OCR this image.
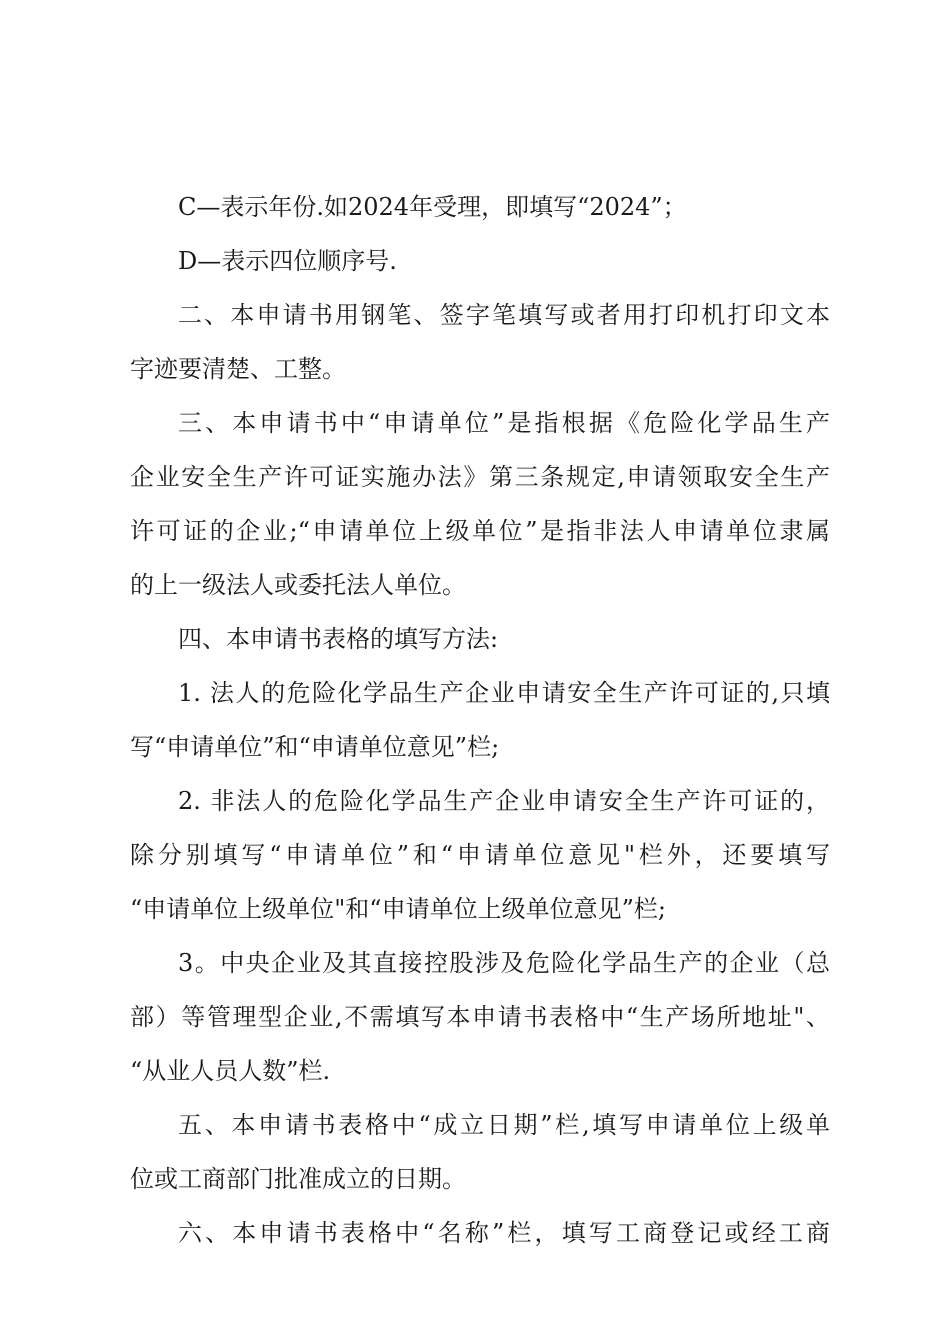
C—表示年份.如2024年受理，即填写“2024”；
D—表示四位顺序号.
二、本申请书用钢笔、签字笔填写或者用打印机打印文本
字迹要清楚、工整。
三、本申请书中“申请单位”是指根据《危险化学品生产
企业安全生产许可证实施办法》第三条规定,申请领取安全生产
许可证的企业;“申请单位上级单位”是指非法人申请单位隶属
的上一级法人或委托法人单位。
四、本申请书表格的填写方法:
1. 法人的危险化学品生产企业申请安全生产许可证的,只填
写“申请单位”和“申请单位意见”栏;
2. 非法人的危险化学品生产企业申请安全生产许可证的，
除分别填写“申请单位”和“申请单位意见"栏外，还要填写
“申请单位上级单位"和“申请单位上级单位意见”栏;
3。中央企业及其直接控股涉及危险化学品生产的企业（总
部）等管理型企业,不需填写本申请书表格中“生产场所地址"、
“从业人员人数”栏.
五、本申请书表格中“成立日期”栏,填写申请单位上级单
位或工商部门批准成立的日期。
六、本申请书表格中“名称”栏，填写工商登记或经工商
